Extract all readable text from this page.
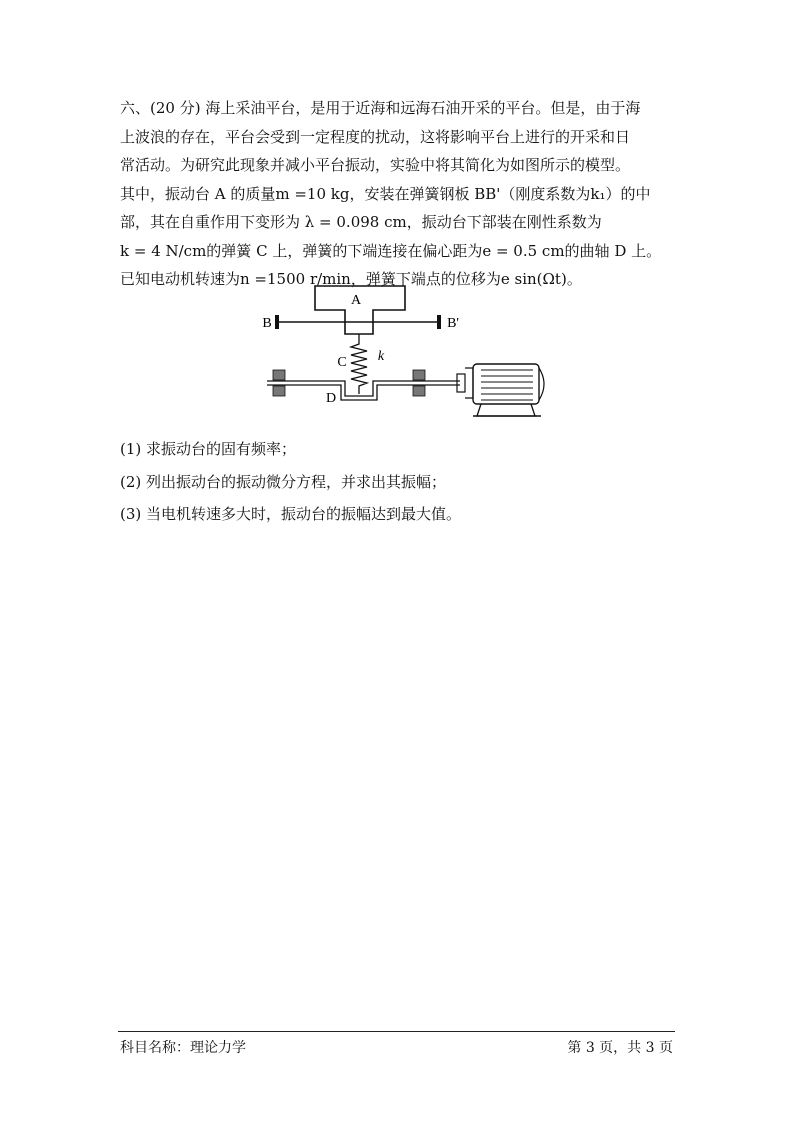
六、(20 分) 海上采油平台，是用于近海和远海石油开采的平台。但是，由于海

上波浪的存在，平台会受到一定程度的扰动，这将影响平台上进行的开采和日

常活动。为研究此现象并减小平台振动，实验中将其简化为如图所示的模型。

其中，振动台 A 的质量m =10 kg，安装在弹簧钢板 BB'（刚度系数为k₁）的中

部，其在自重作用下变形为 λ = 0.098 cm，振动台下部装在刚性系数为

k = 4 N/cm的弹簧 C 上，弹簧的下端连接在偏心距为e = 0.5 cm的曲轴 D 上。

已知电动机转速为n =1500 r/min，弹簧下端点的位移为e sin(Ωt)。

A
B	B'
C k
D
(1) 求振动台的固有频率；
(2) 列出振动台的振动微分方程，并求出其振幅；
(3) 当电机转速多大时，振动台的振幅达到最大值。
科目名称：理论力学	第 3 页，共 3 页
